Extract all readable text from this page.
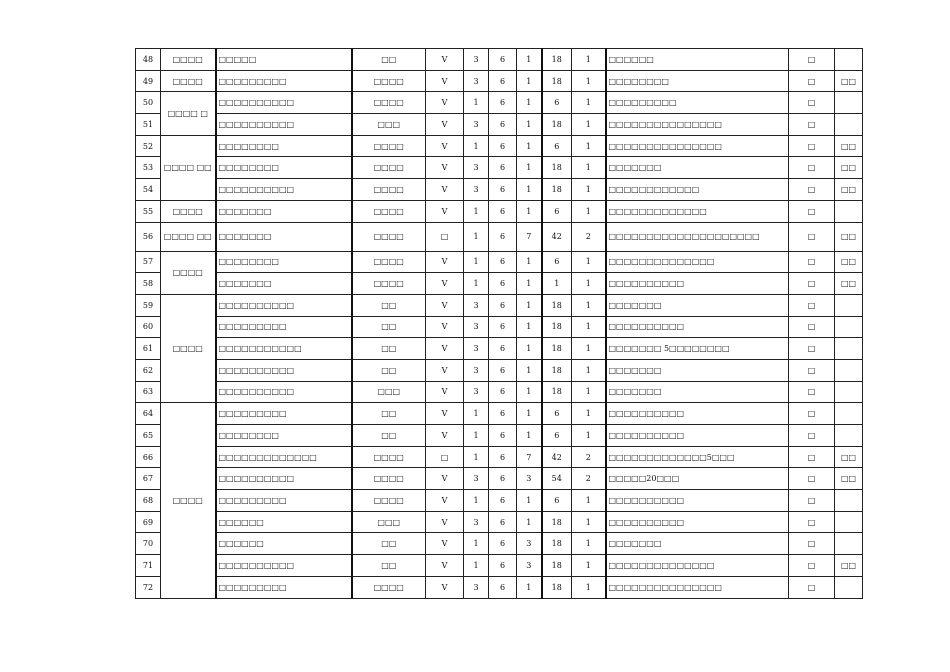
48	□□□□	□□□□□	□□	V	3	6	1	18	1	□□□□□□	□	
49	□□□□	□□□□□□□□□	□□□□	V	3	6	1	18	1	□□□□□□□□	□	□□
50	□□□□ □	□□□□□□□□□□	□□□□	V	1	6	1	6	1	□□□□□□□□□	□	
51		□□□□□□□□□□	□□□	V	3	6	1	18	1	□□□□□□□□□□□□□□□	□	
52	□□□□ □□	□□□□□□□□	□□□□	V	1	6	1	6	1	□□□□□□□□□□□□□□□	□	□□
53		□□□□□□□□	□□□□	V	3	6	1	18	1	□□□□□□□	□	□□
54		□□□□□□□□□□	□□□□	V	3	6	1	18	1	□□□□□□□□□□□□	□	□□
55	□□□□	□□□□□□□	□□□□	V	1	6	1	6	1	□□□□□□□□□□□□□	□	
56	□□□□ □□	□□□□□□□	□□□□	□	1	6	7	42	2	□□□□□□□□□□□□□□□□□□□□	□	□□
57	□□□□	□□□□□□□□	□□□□	V	1	6	1	6	1	□□□□□□□□□□□□□□	□	□□
58		□□□□□□□	□□□□	V	1	6	1	1	1	□□□□□□□□□□	□	□□
59	□□□□	□□□□□□□□□□	□□	V	3	6	1	18	1	□□□□□□□	□	
60		□□□□□□□□□	□□	V	3	6	1	18	1	□□□□□□□□□□	□	
61		□□□□□□□□□□□	□□	V	3	6	1	18	1	□□□□□□□ 5□□□□□□□□	□	
62		□□□□□□□□□□	□□	V	3	6	1	18	1	□□□□□□□	□	
63		□□□□□□□□□□	□□□	V	3	6	1	18	1	□□□□□□□	□	
64	□□□□	□□□□□□□□□	□□	V	1	6	1	6	1	□□□□□□□□□□	□	
65		□□□□□□□□	□□	V	1	6	1	6	1	□□□□□□□□□□	□	
66		□□□□□□□□□□□□□	□□□□	□	1	6	7	42	2	□□□□□□□□□□□□□5□□□	□	□□
67		□□□□□□□□□□	□□□□	V	3	6	3	54	2	□□□□□20□□□	□	□□
68		□□□□□□□□□	□□□□	V	1	6	1	6	1	□□□□□□□□□□	□	
69		□□□□□□	□□□	V	3	6	1	18	1	□□□□□□□□□□	□	
70		□□□□□□	□□	V	1	6	3	18	1	□□□□□□□	□	
71		□□□□□□□□□□	□□	V	1	6	3	18	1	□□□□□□□□□□□□□□	□	□□
72		□□□□□□□□□	□□□□	V	3	6	1	18	1	□□□□□□□□□□□□□□□	□	
